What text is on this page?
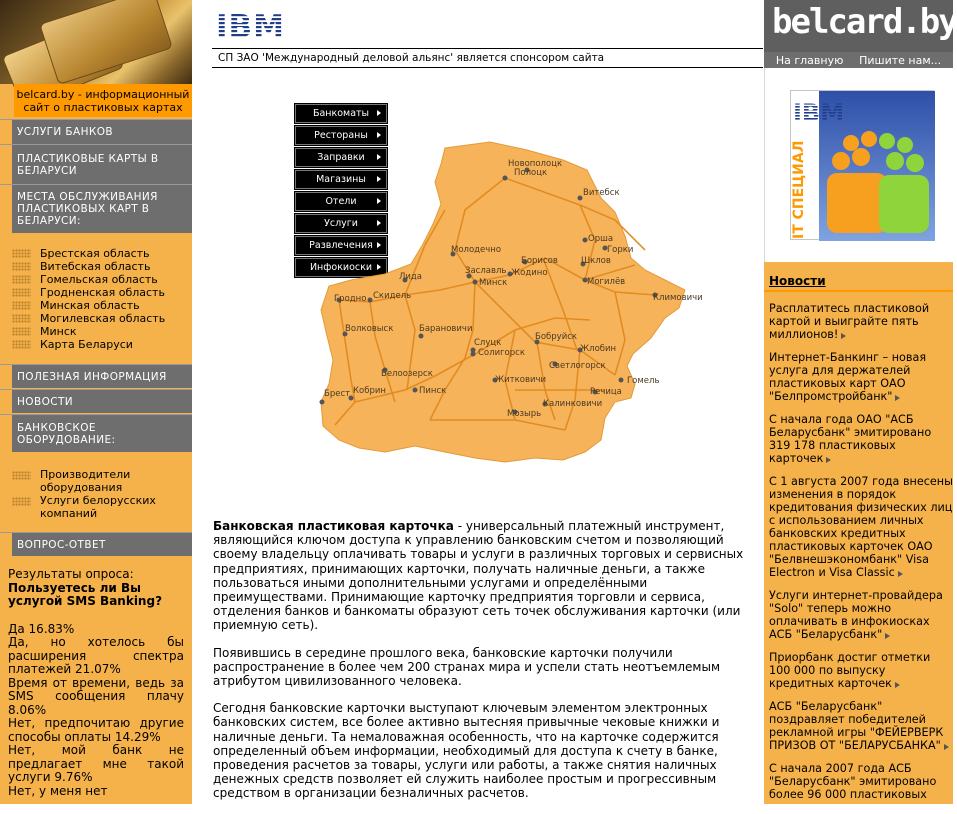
belcard.by - информационный сайт о пластиковых картах
УСЛУГИ БАНКОВ
ПЛАСТИКОВЫЕ КАРТЫ В БЕЛАРУСИ
МЕСТА ОБСЛУЖИВАНИЯ ПЛАСТИКОВЫХ КАРТ В БЕЛАРУСИ:
Брестская область
Витебская область
Гомельская область
Гродненская область
Минская область
Могилевская область
Минск
Карта Беларуси
ПОЛЕЗНАЯ ИНФОРМАЦИЯ
НОВОСТИ
БАНКОВСКОЕ ОБОРУДОВАНИЕ:
Производители оборудования
Услуги белорусских компаний
ВОПРОС-ОТВЕТ
Результаты опроса:
Пользуетесь ли Вы услугой SMS Banking?
Да 16.83%
Да, но хотелось бы расширения спектра платежей 21.07%
Время от времени, ведь за SMS сообщения плачу 8.06%
Нет, предпочитаю другие способы оплаты 14.29%
Нет, мой банк не предлагает мне такой услуги 9.76%
Нет, у меня нет
IBM
СП ЗАО 'Международный деловой альянс' является спонсором сайта
Банкоматы
Рестораны
Заправки
Магазины
Отели
Услуги
Развлечения
Инфокиоски
Новополоцк
Полоцк
Витебск
Орша
Горки
Молодечно
Борисов
Жодино
Шклов
Заславль
Минск	Могилёв
Лида
Гродно Скидель	Климовичи
Волковыск	Барановичи
Слуцк
Солигорск
Бобруйск
Жлобин
Светлогорск
Белоозерск
Пинск
Житковичи
Брест Кобрин	Речица
Гомель
Калинковичи
Мозырь

Банковская пластиковая карточка - универсальный платежный инструмент, являющийся ключом доступа к управлению банковским счетом и позволяющий своему владельцу оплачивать товары и услуги в различных торговых и сервисных предприятиях, принимающих карточки, получать наличные деньги, а также пользоваться иными дополнительными услугами и определёнными преимуществами. Принимающие карточку предприятия торговли и сервиса, отделения банков и банкоматы образуют сеть точек обслуживания карточки (или приемную сеть).

Появившись в середине прошлого века, банковские карточки получили распространение в более чем 200 странах мира и успели стать неотъемлемым атрибутом цивилизованного человека.

Сегодня банковские карточки выступают ключевым элементом электронных банковских систем, все более активно вытесняя привычные чековые книжки и наличные деньги. Та немаловажная особенность, что на карточке содержится определенный объем информации, необходимый для доступа к счету в банке, проведения расчетов за товары, услуги или работы, а также снятия наличных денежных средств позволяет ей служить наиболее простым и прогрессивным средством в организации безналичных расчетов.

belcard.by
На главную Пишите нам...
IBM
IT СПЕЦИАЛ
Новости
Расплатитесь пластиковой картой и выиграйте пять миллионов!
Интернет-Банкинг – новая услуга для держателей пластиковых карт ОАО "Белпромстройбанк"
С начала года ОАО "АСБ Беларусбанк" эмитировано 319 178 пластиковых карточек
С 1 августа 2007 года внесены изменения в порядок кредитования физических лиц с использованием личных банковских кредитных пластиковых карточек ОАО "Белвнешэкономбанк" Visa Electron и Visa Classic
Услуги интернет-провайдера "Solo" теперь можно оплачивать в инфокиосках АСБ "Беларусбанк"
Приорбанк достиг отметки 100 000 по выпуску кредитных карточек
АСБ "Беларусбанк" поздравляет победителей рекламной игры "ФЕЙЕРВЕРК ПРИЗОВ ОТ "БЕЛАРУСБАНКА"
С начала 2007 года АСБ "Беларусбанк" эмитировано более 96 000 пластиковых
